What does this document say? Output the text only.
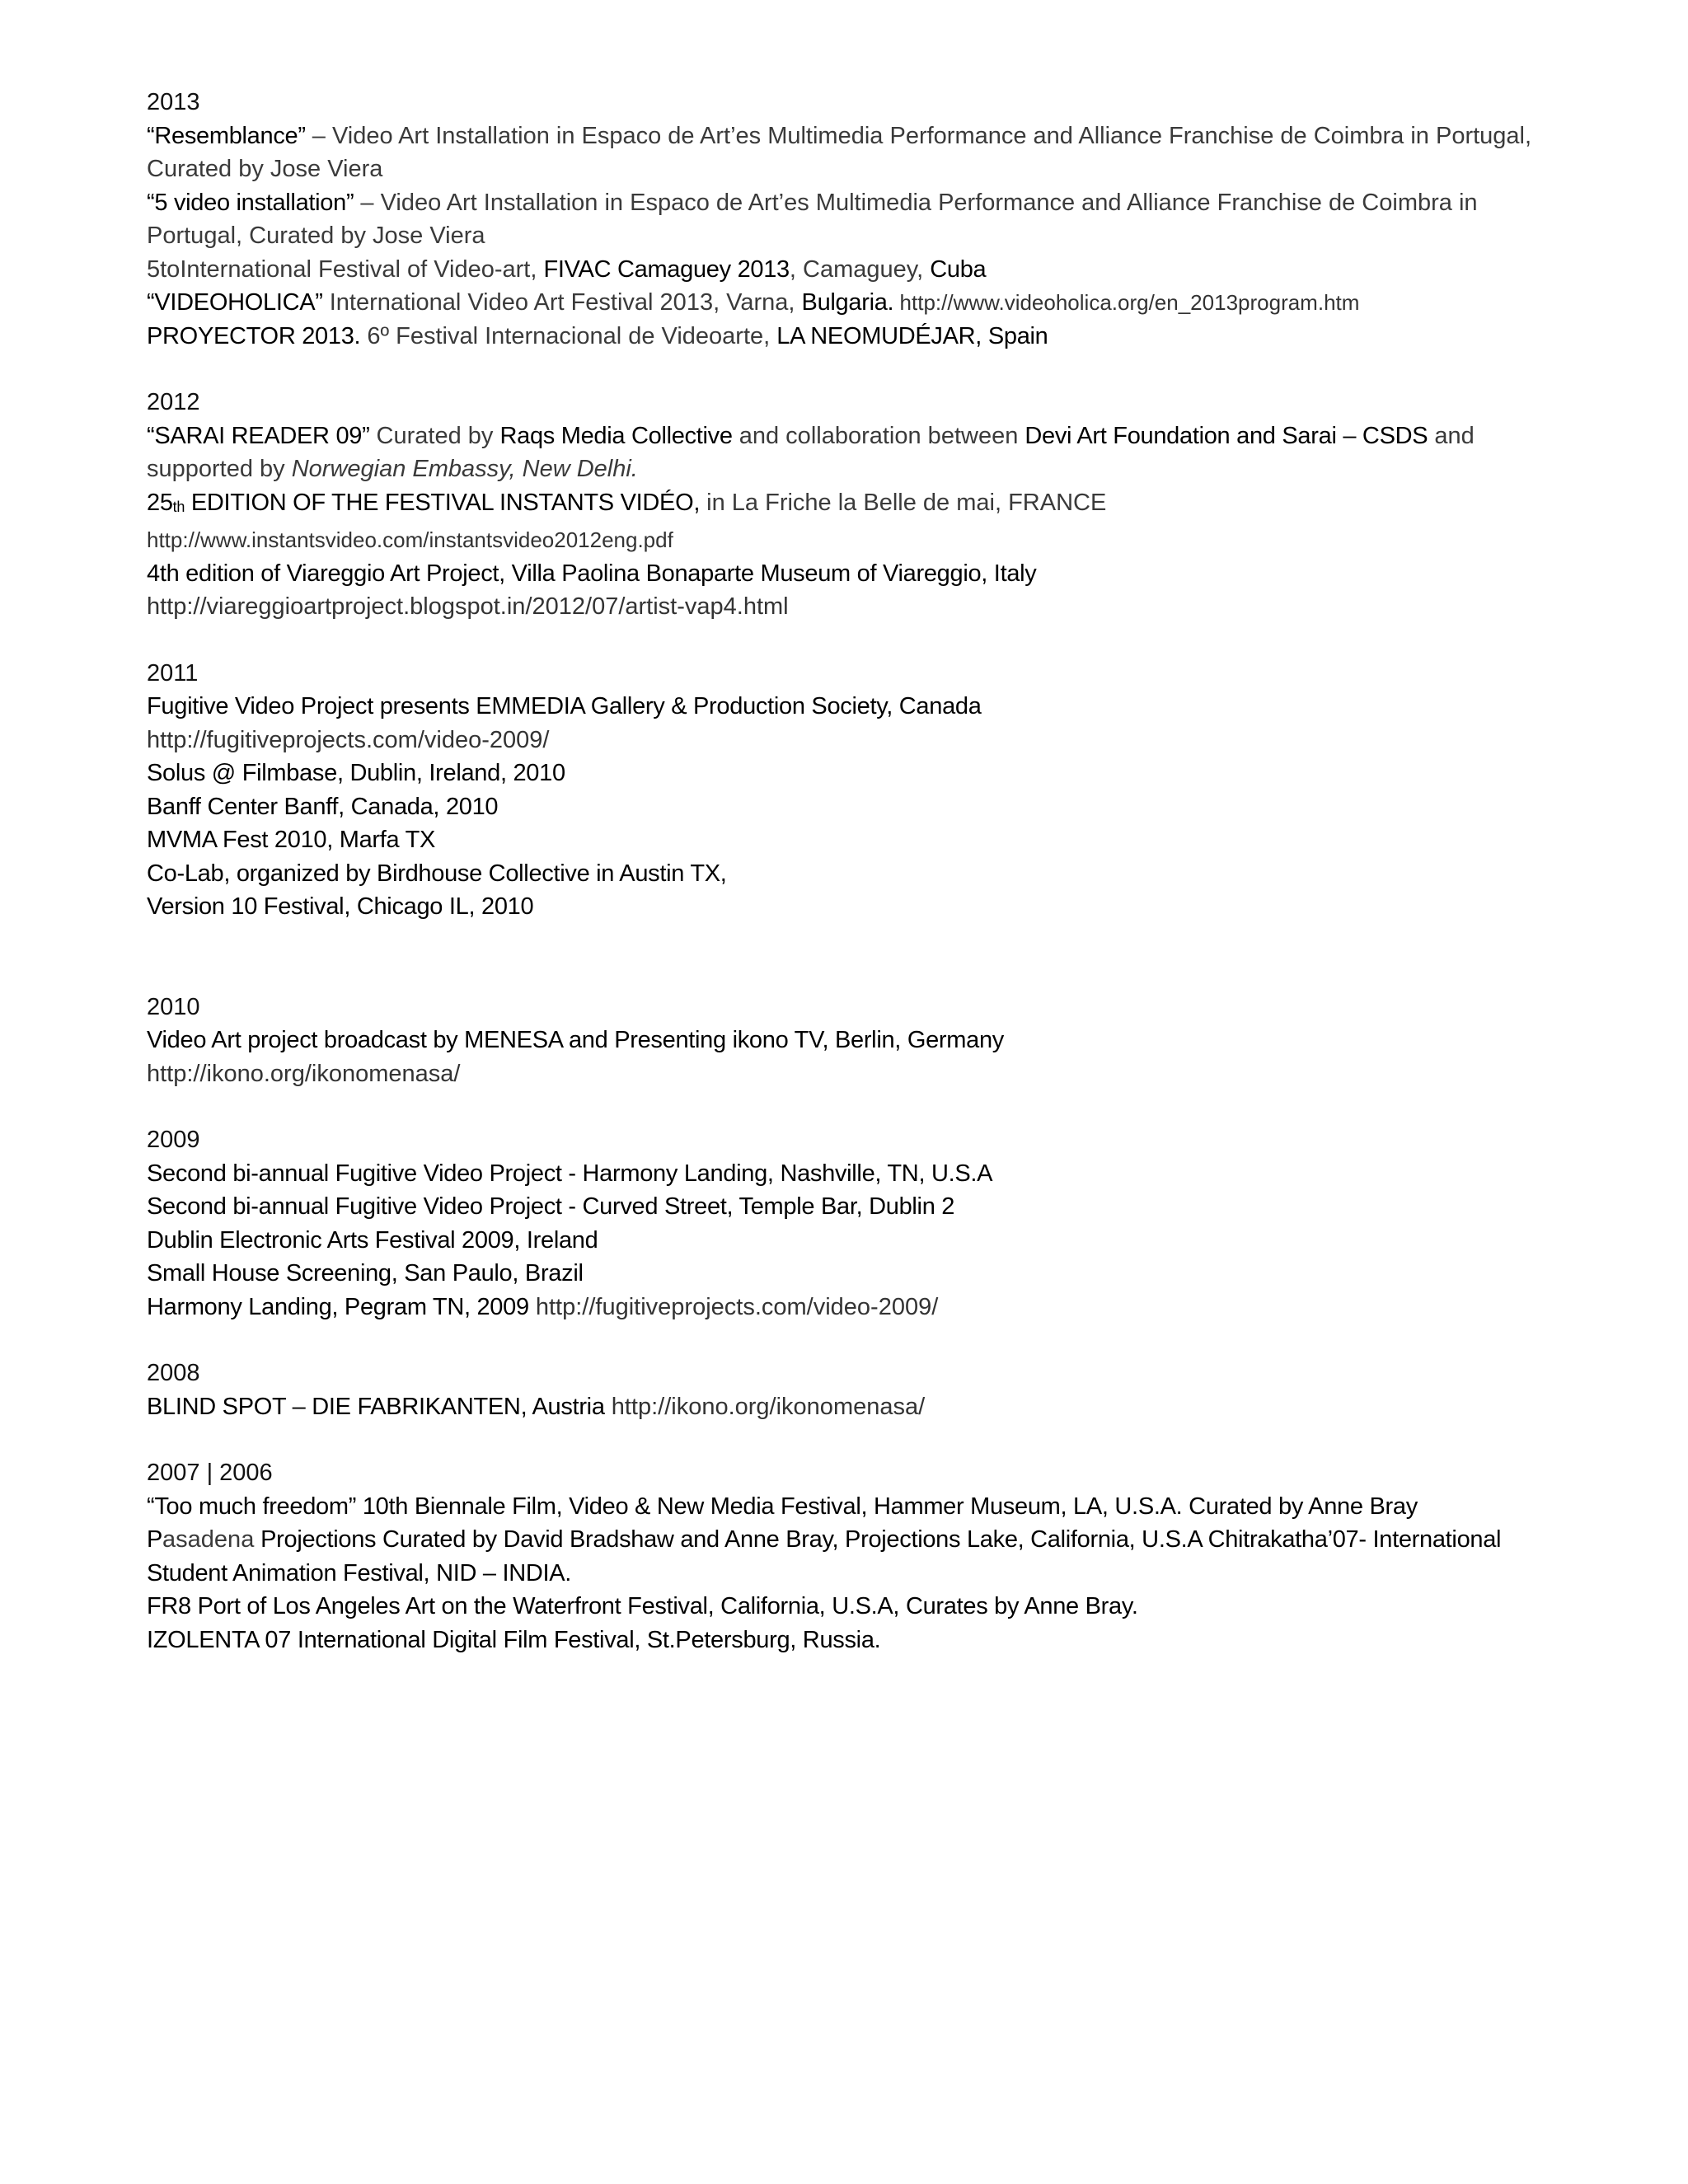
2013
“Resemblance” – Video Art Installation in Espaco de Art’es Multimedia Performance and Alliance Franchise de Coimbra in Portugal, Curated by Jose Viera
“5 video installation” – Video Art Installation in Espaco de Art’es Multimedia Performance and Alliance Franchise de Coimbra in Portugal, Curated by Jose Viera
5toInternational Festival of Video-art, FIVAC Camaguey 2013, Camaguey, Cuba
“VIDEOHOLICA” International Video Art Festival 2013, Varna, Bulgaria. http://www.videoholica.org/en_2013program.htm
PROYECTOR 2013. 6º Festival Internacional de Videoarte, LA NEOMUDÉJAR, Spain
2012
“SARAI READER 09” Curated by Raqs Media Collective and collaboration between Devi Art Foundation and Sarai – CSDS and supported by Norwegian Embassy, New Delhi.
25th EDITION OF THE FESTIVAL INSTANTS VIDÉO, in La Friche la Belle de mai, FRANCE
http://www.instantsvideo.com/instantsvideo2012eng.pdf
4th edition of Viareggio Art Project, Villa Paolina Bonaparte Museum of Viareggio, Italy
http://viareggioartproject.blogspot.in/2012/07/artist-vap4.html
2011
Fugitive Video Project presents EMMEDIA Gallery & Production Society, Canada
http://fugitiveprojects.com/video-2009/
Solus @ Filmbase, Dublin, Ireland, 2010
Banff Center Banff, Canada, 2010
MVMA Fest 2010, Marfa TX
Co-Lab, organized by Birdhouse Collective in Austin TX,
Version 10 Festival, Chicago IL, 2010
2010
Video Art project broadcast by MENESA and Presenting ikono TV, Berlin, Germany
http://ikono.org/ikonomenasa/
2009
Second bi-annual Fugitive Video Project - Harmony Landing, Nashville, TN, U.S.A
Second bi-annual Fugitive Video Project - Curved Street, Temple Bar, Dublin 2
Dublin Electronic Arts Festival 2009, Ireland
Small House Screening, San Paulo, Brazil
Harmony Landing, Pegram TN, 2009 http://fugitiveprojects.com/video-2009/
2008
BLIND SPOT – DIE FABRIKANTEN, Austria http://ikono.org/ikonomenasa/
2007 | 2006
“Too much freedom” 10th Biennale Film, Video & New Media Festival, Hammer Museum, LA, U.S.A. Curated by Anne Bray
Pasadena Projections Curated by David Bradshaw and Anne Bray, Projections Lake, California, U.S.A Chitrakatha’07- International Student Animation Festival, NID – INDIA.
FR8 Port of Los Angeles Art on the Waterfront Festival, California, U.S.A, Curates by Anne Bray.
IZOLENTA 07 International Digital Film Festival, St.Petersburg, Russia.
